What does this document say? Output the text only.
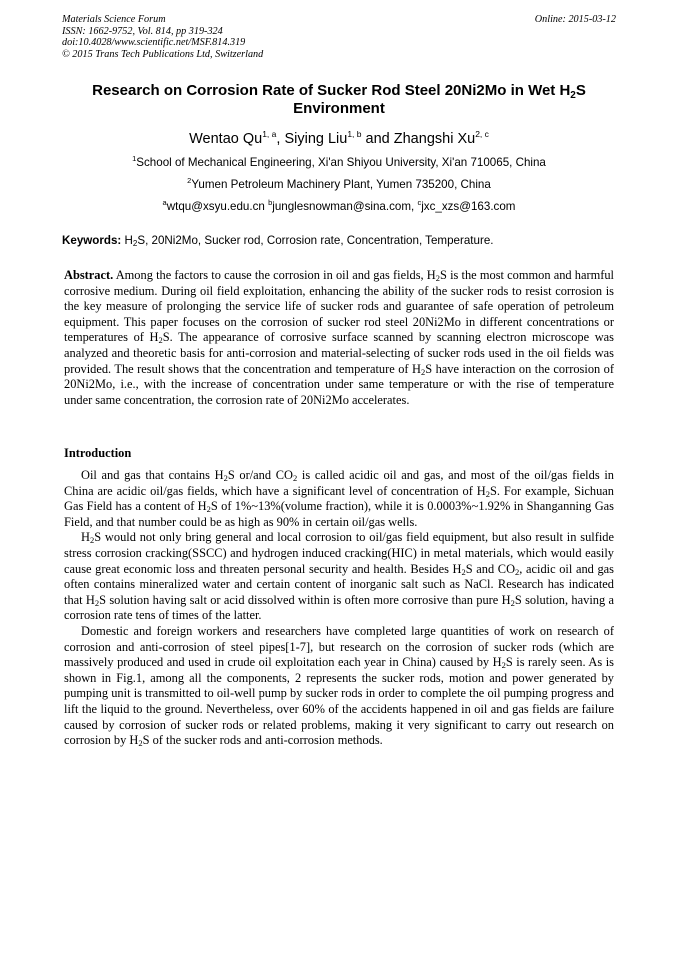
Materials Science Forum
ISSN: 1662-9752, Vol. 814, pp 319-324
doi:10.4028/www.scientific.net/MSF.814.319
© 2015 Trans Tech Publications Ltd, Switzerland
Online: 2015-03-12
Research on Corrosion Rate of Sucker Rod Steel 20Ni2Mo in Wet $H_2S$
Environment
Wentao Qu$^{1, a}$, Siying Liu$^{1, b}$ and Zhangshi Xu$^{2, c}$
$^1$School of Mechanical Engineering, Xi'an Shiyou University, Xi'an 710065, China
$^2$Yumen Petroleum Machinery Plant, Yumen 735200, China
$^a$wtqu@xsyu.edu.cn $^b$junglesnowman@sina.com, $^c$jxc_xzs@163.com
Keywords: $H_2S$, 20Ni2Mo, Sucker rod, Corrosion rate, Concentration, Temperature.

Abstract. Among the factors to cause the corrosion in oil and gas fields, $H_2S$ is the most common and harmful corrosive medium. During oil field exploitation, enhancing the ability of the sucker rods to resist corrosion is the key measure of prolonging the service life of sucker rods and guarantee of safe operation of petroleum equipment. This paper focuses on the corrosion of sucker rod steel 20Ni2Mo in different concentrations or temperatures of $H_2S$. The appearance of corrosive surface scanned by scanning electron microscope was analyzed and theoretic basis for anti-corrosion and material-selecting of sucker rods used in the oil fields was provided. The result shows that the concentration and temperature of $H_2S$ have interaction on the corrosion of 20Ni2Mo, i.e., with the increase of concentration under same temperature or with the rise of temperature under same concentration, the corrosion rate of 20Ni2Mo accelerates.

Introduction

Oil and gas that contains $H_2S$ or/and $CO_2$ is called acidic oil and gas, and most of the oil/gas fields in China are acidic oil/gas fields, which have a significant level of concentration of $H_2S$. For example, Sichuan Gas Field has a content of $H_2S$ of 1%~13%(volume fraction), while it is 0.0003%~1.92% in Shanganning Gas Field, and that number could be as high as 90% in certain oil/gas wells.

$H_2S$ would not only bring general and local corrosion to oil/gas field equipment, but also result in sulfide stress corrosion cracking(SSCC) and hydrogen induced cracking(HIC) in metal materials, which would easily cause great economic loss and threaten personal security and health. Besides $H_2S$ and $CO_2$, acidic oil and gas often contains mineralized water and certain content of inorganic salt such as NaCl. Research has indicated that $H_2S$ solution having salt or acid dissolved within is often more corrosive than pure $H_2S$ solution, having a corrosion rate tens of times of the latter.

Domestic and foreign workers and researchers have completed large quantities of work on research of corrosion and anti-corrosion of steel pipes[1-7], but research on the corrosion of sucker rods (which are massively produced and used in crude oil exploitation each year in China) caused by $H_2S$ is rarely seen. As is shown in Fig.1, among all the components, 2 represents the sucker rods, motion and power generated by pumping unit is transmitted to oil-well pump by sucker rods in order to complete the oil pumping progress and lift the liquid to the ground. Nevertheless, over 60% of the accidents happened in oil and gas fields are failure caused by corrosion of sucker rods or related problems, making it very significant to carry out research on corrosion by $H_2S$ of the sucker rods and anti-corrosion methods.
